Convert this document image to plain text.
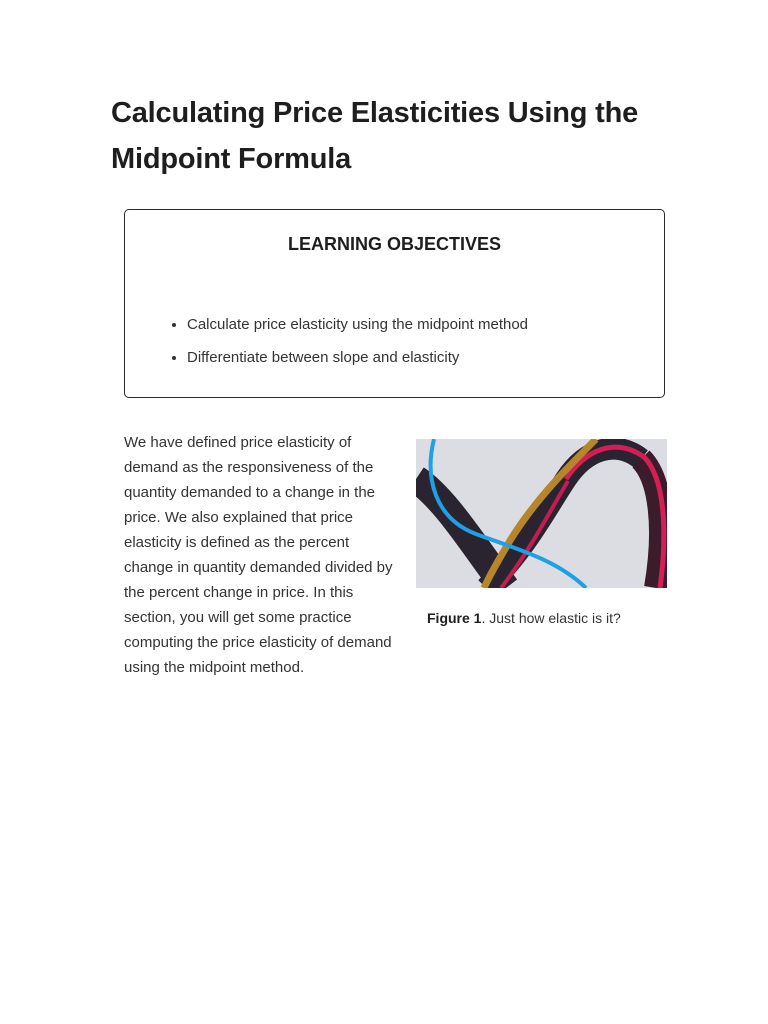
Calculating Price Elasticities Using the Midpoint Formula
LEARNING OBJECTIVES
• Calculate price elasticity using the midpoint method
• Differentiate between slope and elasticity

We have defined price elasticity of demand as the responsiveness of the quantity demanded to a change in the price. We also explained that price elasticity is defined as the percent change in quantity demanded divided by the percent change in price. In this section, you will get some practice computing the price elasticity of demand using the midpoint method.

Figure 1. Just how elastic is it?
